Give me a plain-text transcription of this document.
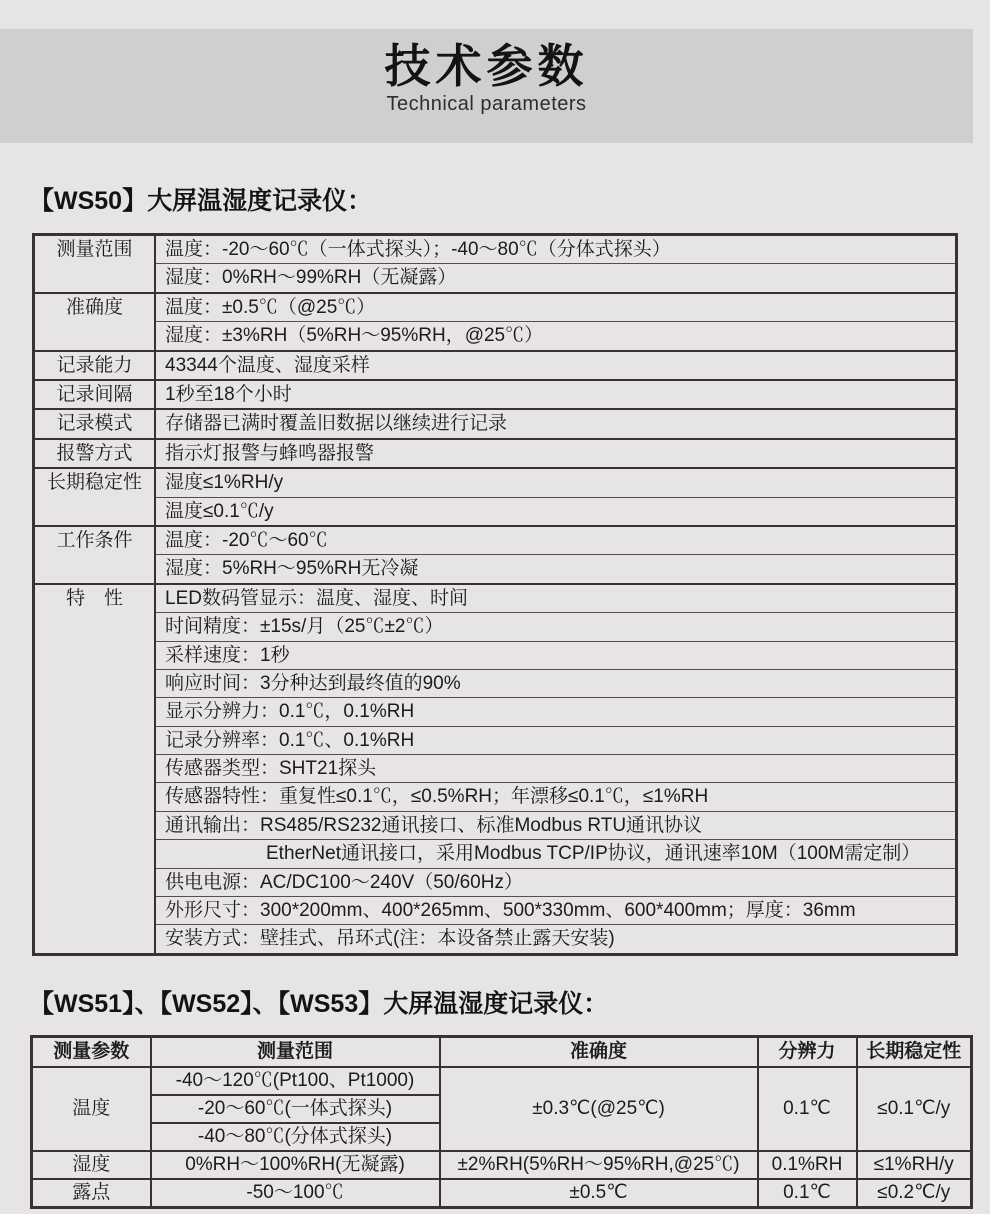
技术参数
Technical parameters
【WS50】大屏温湿度记录仪：
测量范围	温度：-20～60℃（一体式探头）；-40～80℃（分体式探头）
湿度：0%RH～99%RH（无凝露）
准确度	温度：±0.5℃（@25℃）
湿度：±3%RH（5%RH～95%RH，@25℃）
记录能力	43344个温度、湿度采样
记录间隔	1秒至18个小时
记录模式	存储器已满时覆盖旧数据以继续进行记录
报警方式	指示灯报警与蜂鸣器报警
长期稳定性	湿度≤1%RH/y
温度≤0.1℃/y
工作条件	温度：-20℃～60℃
湿度：5%RH～95%RH无冷凝
特　性	LED数码管显示：温度、湿度、时间
时间精度：±15s/月（25℃±2℃）
采样速度：1秒
响应时间：3分种达到最终值的90%
显示分辨力：0.1℃，0.1%RH
记录分辨率：0.1℃、0.1%RH
传感器类型：SHT21探头
传感器特性：重复性≤0.1℃，≤0.5%RH；年漂移≤0.1℃，≤1%RH
通讯输出：RS485/RS232通讯接口、标准Modbus RTU通讯协议
EtherNet通讯接口，采用Modbus TCP/IP协议，通讯速率10M（100M需定制）
供电电源：AC/DC100～240V（50/60Hz）
外形尺寸：300*200mm、400*265mm、500*330mm、600*400mm；厚度：36mm
安装方式：壁挂式、吊环式(注：本设备禁止露天安装)
【WS51】、【WS52】、【WS53】大屏温湿度记录仪：
测量参数	测量范围	准确度	分辨力	长期稳定性
温度	-40～120℃(Pt100、Pt1000)	±0.3℃(@25℃)	0.1℃	≤0.1℃/y
	-20～60℃(一体式探头)			
	-40～80℃(分体式探头)			
湿度	0%RH～100%RH(无凝露)	±2%RH(5%RH～95%RH,@25℃)	0.1%RH	≤1%RH/y
露点	-50～100℃	±0.5℃	0.1℃	≤0.2℃/y
